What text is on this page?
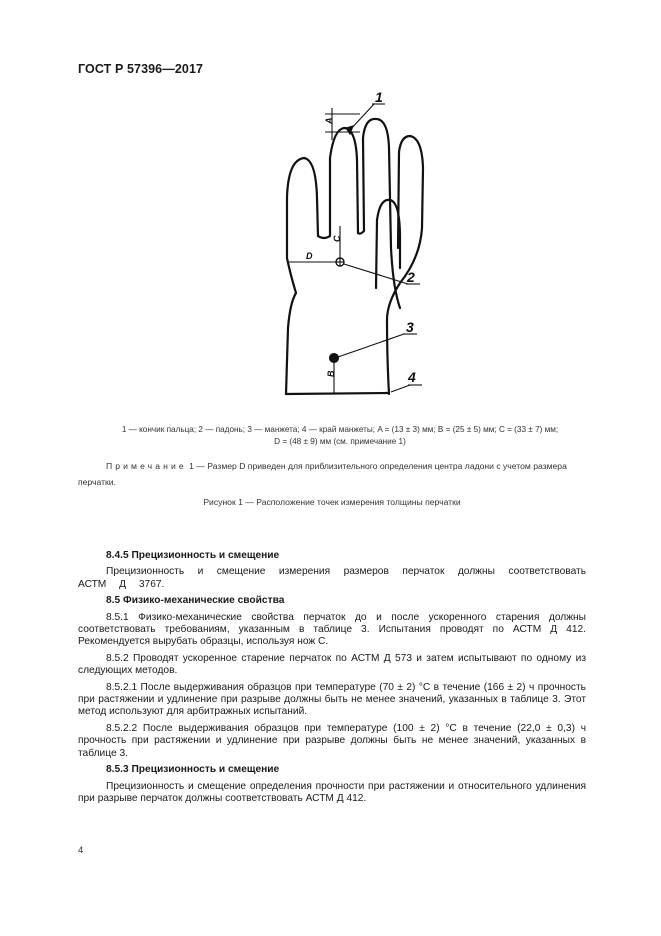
ГОСТ Р 57396—2017
1
2
3
4
A
C
D
B
1 — кончик пальца; 2 — падонь; 3 — манжета; 4 — край манжеты; A = (13 ± 3) мм; B = (25 ± 5) мм; C = (33 ± 7) мм;
D = (48 ± 9) мм (см. примечание 1)
Примечание 1 — Размер D приведен для приблизительного определения центра ладони с учетом размера перчатки.
Рисунок 1 — Расположение точек измерения толщины перчатки
8.4.5 Прецизионность и смещение
Прецизионность и смещение измерения размеров перчаток должны соответствовать АСТМ Д 3767.
8.5 Физико-механические свойства
8.5.1 Физико-механические свойства перчаток до и после ускоренного старения должны соответствовать требованиям, указанным в таблице 3. Испытания проводят по АСТМ Д 412. Рекомендуется вырубать образцы, используя нож С.
8.5.2 Проводят ускоренное старение перчаток по АСТМ Д 573 и затем испытывают по одному из следующих методов.
8.5.2.1 После выдерживания образцов при температуре (70 ± 2) °С в течение (166 ± 2) ч прочность при растяжении и удлинение при разрыве должны быть не менее значений, указанных в таблице 3. Этот метод используют для арбитражных испытаний.
8.5.2.2 После выдерживания образцов при температуре (100 ± 2) °С в течение (22,0 ± 0,3) ч прочность при растяжении и удлинение при разрыве должны быть не менее значений, указанных в таблице 3.
8.5.3 Прецизионность и смещение
Прецизионность и смещение определения прочности при растяжении и относительного удлинения при разрыве перчаток должны соответствовать АСТМ Д 412.
4
